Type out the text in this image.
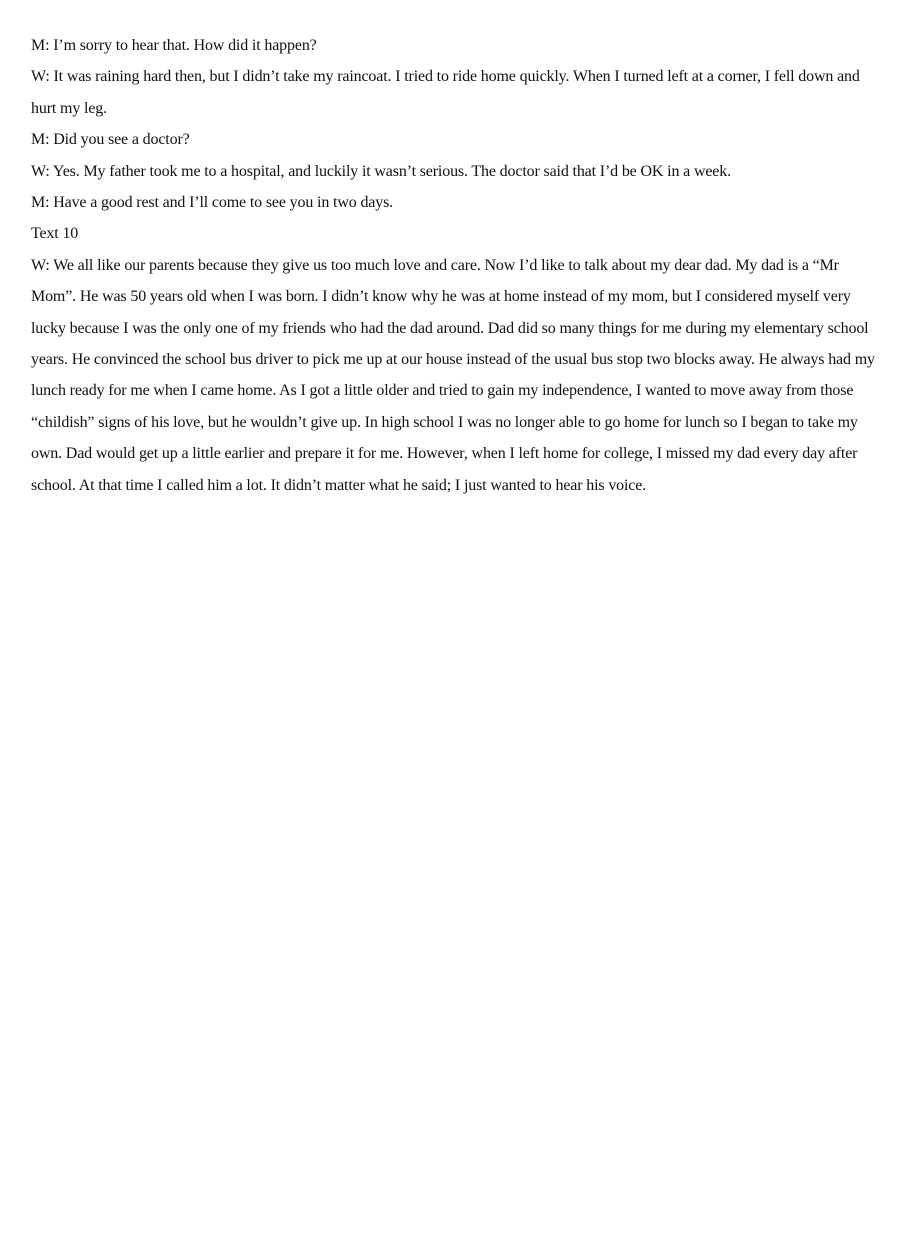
M: I’m sorry to hear that. How did it happen?

W: It was raining hard then, but I didn’t take my raincoat. I tried to ride home quickly. When I turned left at a corner, I fell down and hurt my leg.

M: Did you see a doctor?

W: Yes. My father took me to a hospital, and luckily it wasn’t serious. The doctor said that I’d be OK in a week.

M: Have a good rest and I’ll come to see you in two days.

Text 10

W: We all like our parents because they give us too much love and care. Now I’d like to talk about my dear dad. My dad is a “Mr Mom”. He was 50 years old when I was born. I didn’t know why he was at home instead of my mom, but I considered myself very lucky because I was the only one of my friends who had the dad around. Dad did so many things for me during my elementary school years. He convinced the school bus driver to pick me up at our house instead of the usual bus stop two blocks away. He always had my lunch ready for me when I came home. As I got a little older and tried to gain my independence, I wanted to move away from those “childish” signs of his love, but he wouldn’t give up. In high school I was no longer able to go home for lunch so I began to take my own. Dad would get up a little earlier and prepare it for me. However, when I left home for college, I missed my dad every day after school. At that time I called him a lot. It didn’t matter what he said; I just wanted to hear his voice.
